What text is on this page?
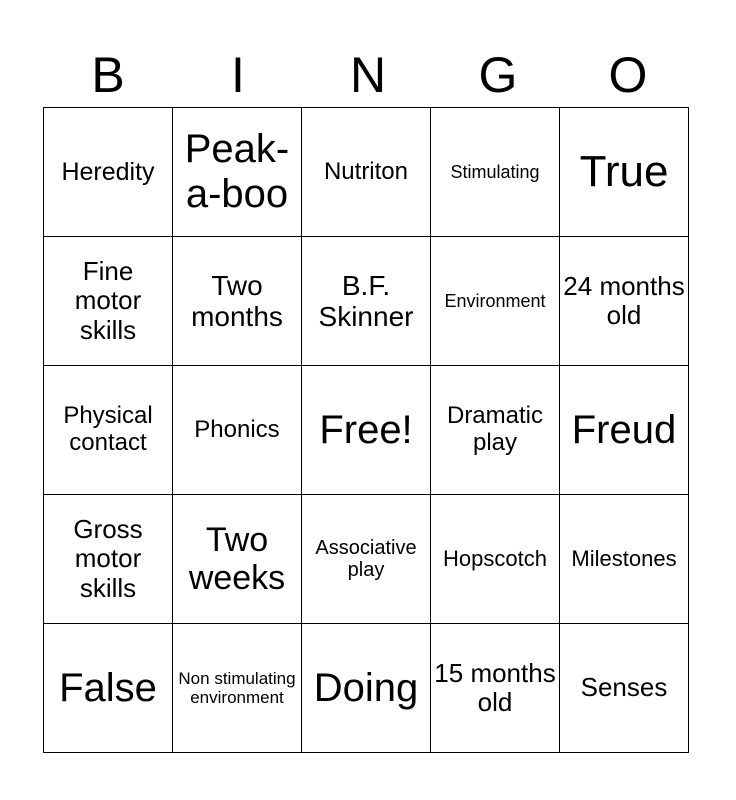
B	I	N	G	O
Heredity	Peak-a-boo	Nutriton	Stimulating	True
Fine motor skills	Two months	B.F. Skinner	Environment	24 months old
Physical contact	Phonics	Free!	Dramatic play	Freud
Gross motor skills	Two weeks	Associative play	Hopscotch	Milestones
False	Non stimulating environment	Doing	15 months old	Senses
